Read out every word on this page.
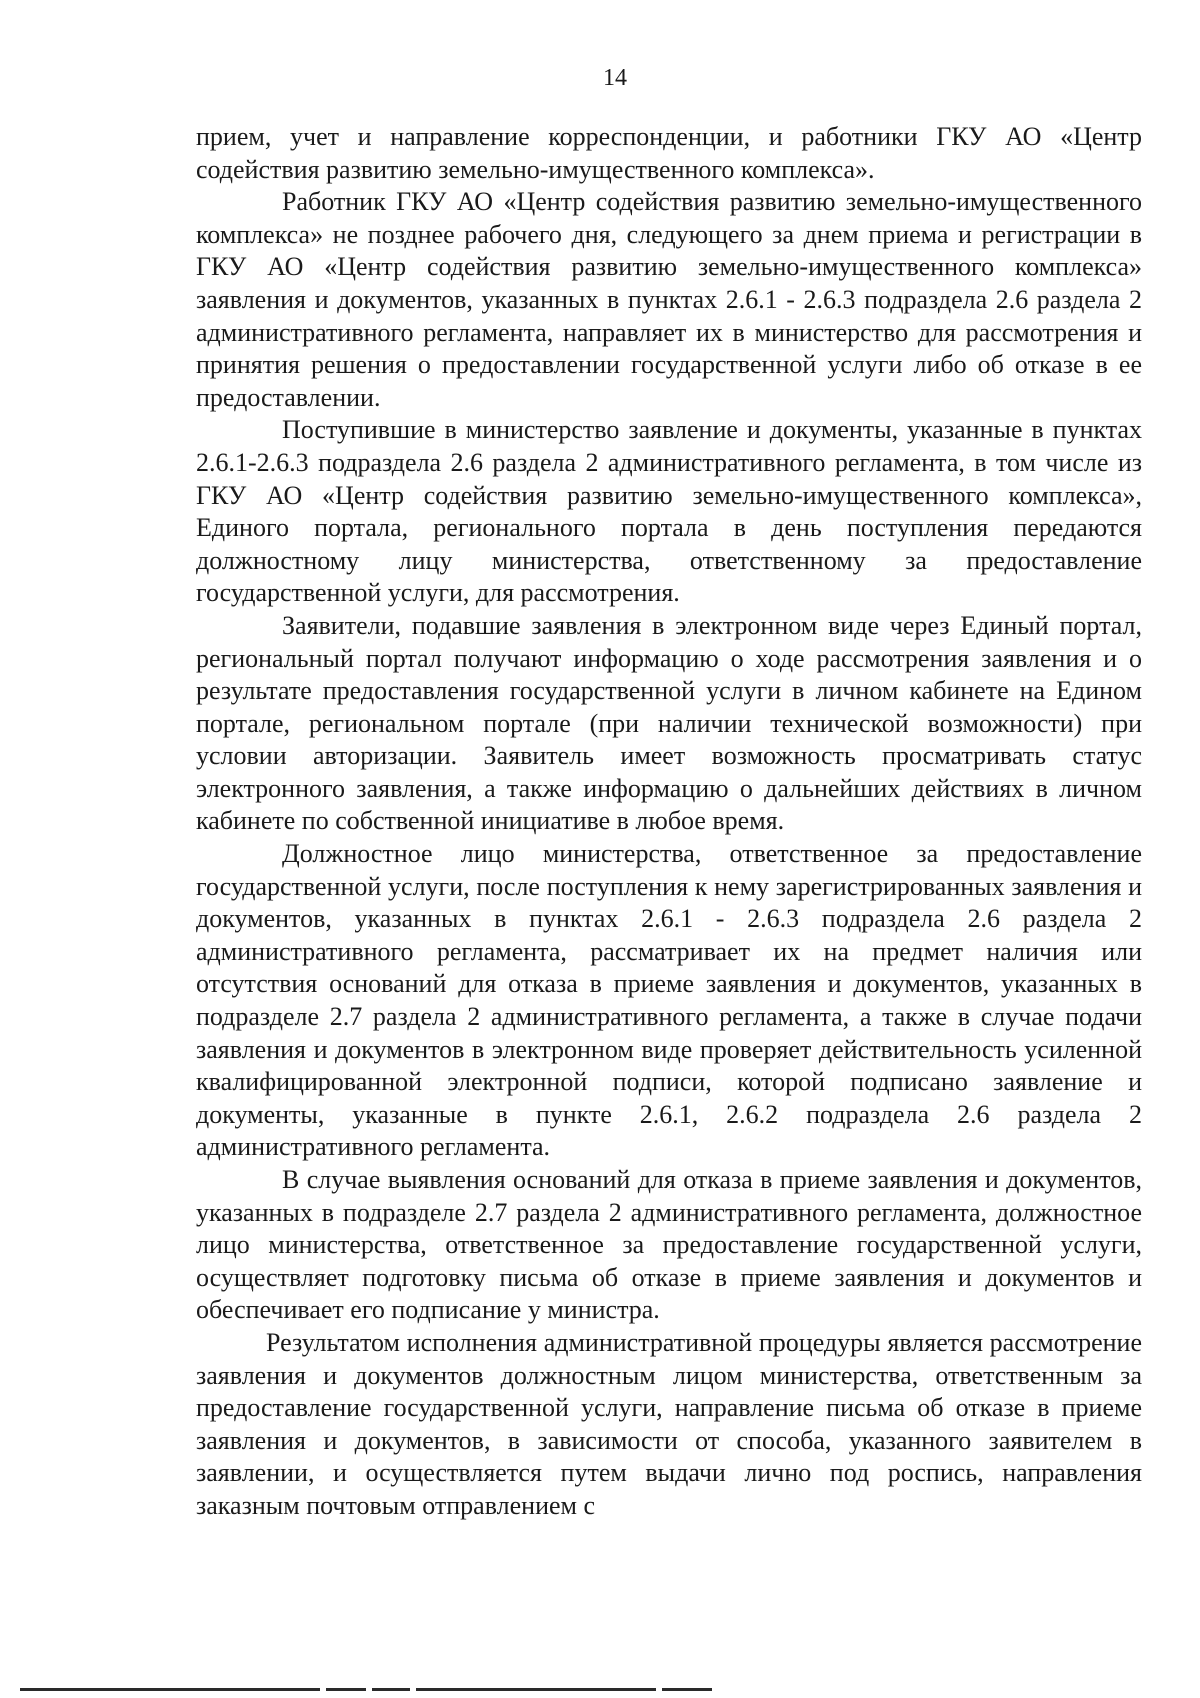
14

прием, учет и направление корреспонденции, и работники ГКУ АО «Центр содействия развитию земельно-имущественного комплекса».

Работник ГКУ АО «Центр содействия развитию земельно-имущественного комплекса» не позднее рабочего дня, следующего за днем приема и регистрации в ГКУ АО «Центр содействия развитию земельно-имущественного комплекса» заявления и документов, указанных в пунктах 2.6.1 - 2.6.3 подраздела 2.6 раздела 2 административного регламента, направляет их в министерство для рассмотрения и принятия решения о предоставлении государственной услуги либо об отказе в ее предоставлении.

Поступившие в министерство заявление и документы, указанные в пунктах 2.6.1-2.6.3 подраздела 2.6 раздела 2 административного регламента, в том числе из ГКУ АО «Центр содействия развитию земельно-имущественного комплекса», Единого портала, регионального портала в день поступления передаются должностному лицу министерства, ответственному за предоставление государственной услуги, для рассмотрения.

Заявители, подавшие заявления в электронном виде через Единый портал, региональный портал получают информацию о ходе рассмотрения заявления и о результате предоставления государственной услуги в личном кабинете на Едином портале, региональном портале (при наличии технической возможности) при условии авторизации. Заявитель имеет возможность просматривать статус электронного заявления, а также информацию о дальнейших действиях в личном кабинете по собственной инициативе в любое время.

Должностное лицо министерства, ответственное за предоставление государственной услуги, после поступления к нему зарегистрированных заявления и документов, указанных в пунктах 2.6.1 - 2.6.3 подраздела 2.6 раздела 2 административного регламента, рассматривает их на предмет наличия или отсутствия оснований для отказа в приеме заявления и документов, указанных в подразделе 2.7 раздела 2 административного регламента, а также в случае подачи заявления и документов в электронном виде проверяет действительность усиленной квалифицированной электронной подписи, которой подписано заявление и документы, указанные в пункте 2.6.1, 2.6.2 подраздела 2.6 раздела 2 административного регламента.

В случае выявления оснований для отказа в приеме заявления и документов, указанных в подразделе 2.7 раздела 2 административного регламента, должностное лицо министерства, ответственное за предоставление государственной услуги, осуществляет подготовку письма об отказе в приеме заявления и документов и обеспечивает его подписание у министра.

Результатом исполнения административной процедуры является рассмотрение заявления и документов должностным лицом министерства, ответственным за предоставление государственной услуги, направление письма об отказе в приеме заявления и документов, в зависимости от способа, указанного заявителем в заявлении, и осуществляется путем выдачи лично под роспись, направления заказным почтовым отправлением с
